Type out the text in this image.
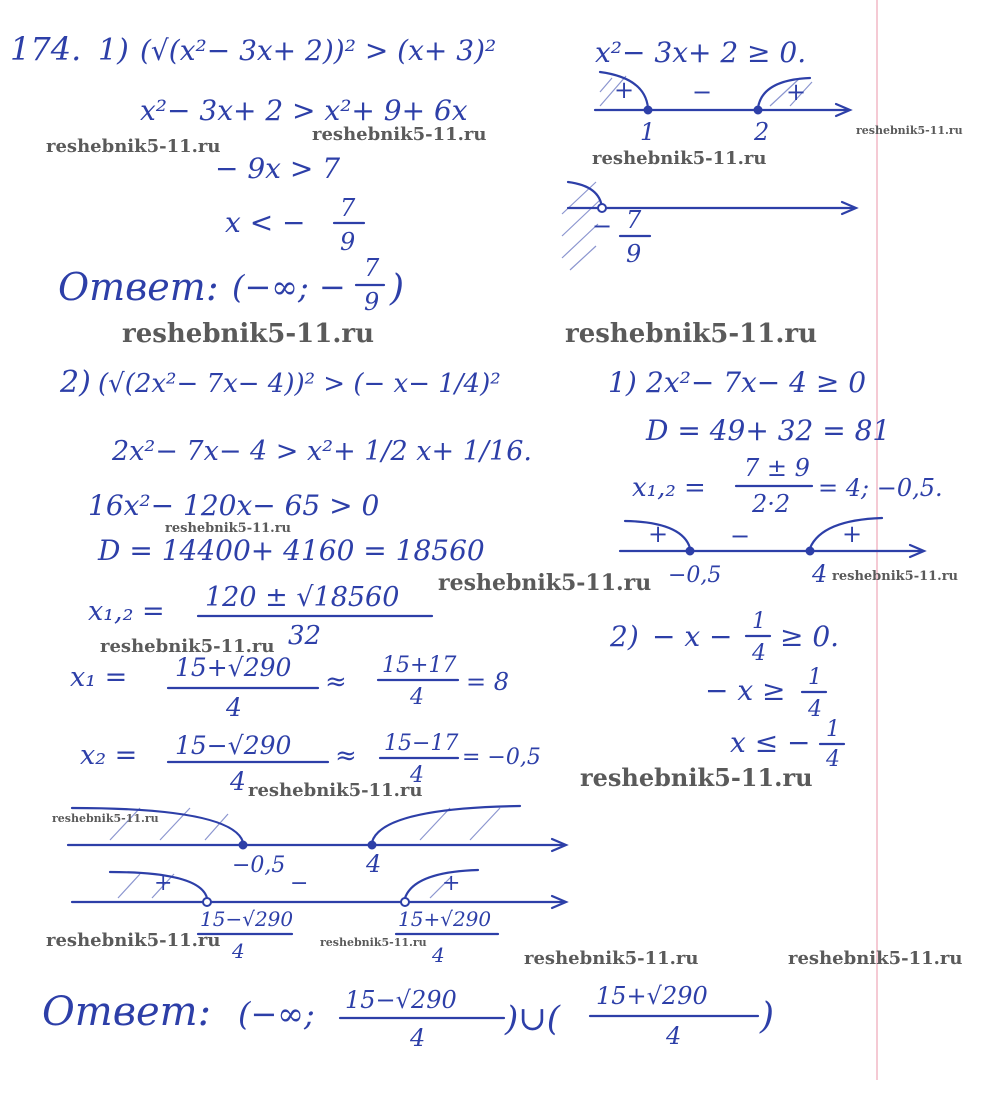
174. 1) (√(x²− 3x+ 2))² > (x+ 3)²
x²− 3x+ 2 > x²+ 9+ 6x
− 9x > 7
x < − 7
9
Ответ: (−∞; − 7
9 )
x²− 3x+ 2 ≥ 0.
+ −	+
1	2
− 7
9
2) (√(2x²− 7x− 4))² > (− x− 1/4)²
2x²− 7x− 4 > x²+ 1/2 x+ 1/16.
16x²− 120x− 65 > 0
D = 14400+ 4160 = 18560
x₁,₂ = 120 ± √18560
32
x₁ = 15+√290
4
≈
15+17
4
= 8
x₂ = 15−√290
4
≈ 15−17
4
= −0,5
1) 2x²− 7x− 4 ≥ 0
D = 49+ 32 = 81
x₁,₂ =
7 ± 9
2·2
= 4; −0,5.
+	−	+
−0,5	4
2) − x − 1
4
≥ 0.
− x ≥ 1
4
x ≤ − 1
4
−0,5	4
+	−	+
15−√290
4
15+√290
4
Ответ: (−∞; 15−√290
4 )∪(
15+√290
4 )
reshebnik5-11.ru
reshebnik5-11.ru
reshebnik5-11.ru
reshebnik5-11.ru
reshebnik5-11.ru	reshebnik5-11.ru
reshebnik5-11.ru
reshebnik5-11.ru	reshebnik5-11.ru
reshebnik5-11.ru
reshebnik5-11.ru
reshebnik5-11.ru
reshebnik5-11.ru
reshebnik5-11.ru	reshebnik5-11.ru
reshebnik5-11.ru	reshebnik5-11.ru
